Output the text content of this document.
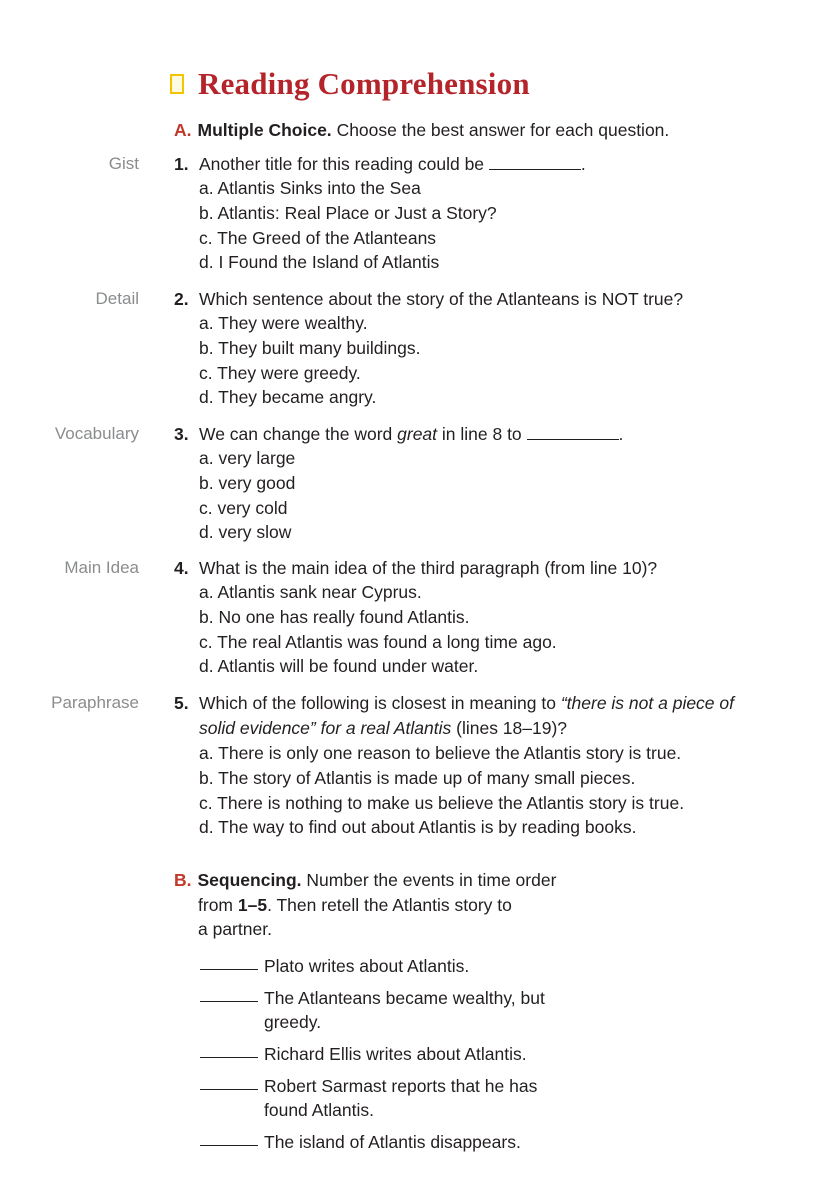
Reading Comprehension
A. Multiple Choice. Choose the best answer for each question.
Gist 1. Another title for this reading could be	.
a. Atlantis Sinks into the Sea
b. Atlantis: Real Place or Just a Story?
c. The Greed of the Atlanteans
d. I Found the Island of Atlantis
Detail 2. Which sentence about the story of the Atlanteans is NOT true?
a. They were wealthy.
b. They built many buildings.
c. They were greedy.
d. They became angry.
Vocabulary 3. We can change the word great in line 8 to	.
a. very large
b. very good
c. very cold
d. very slow
Main Idea 4. What is the main idea of the third paragraph (from line 10)?
a. Atlantis sank near Cyprus.
b. No one has really found Atlantis.
c. The real Atlantis was found a long time ago.
d. Atlantis will be found under water.
Paraphrase 5. Which of the following is closest in meaning to “there is not a piece of solid evidence” for a real Atlantis (lines 18–19)?
a. There is only one reason to believe the Atlantis story is true.
b. The story of Atlantis is made up of many small pieces.
c. There is nothing to make us believe the Atlantis story is true.
d. The way to find out about Atlantis is by reading books.
B. Sequencing. Number the events in time order
from 1–5. Then retell the Atlantis story to
a partner.
Plato writes about Atlantis.
The Atlanteans became wealthy, but greedy.
Richard Ellis writes about Atlantis.
Robert Sarmast reports that he has found Atlantis.
The island of Atlantis disappears.
